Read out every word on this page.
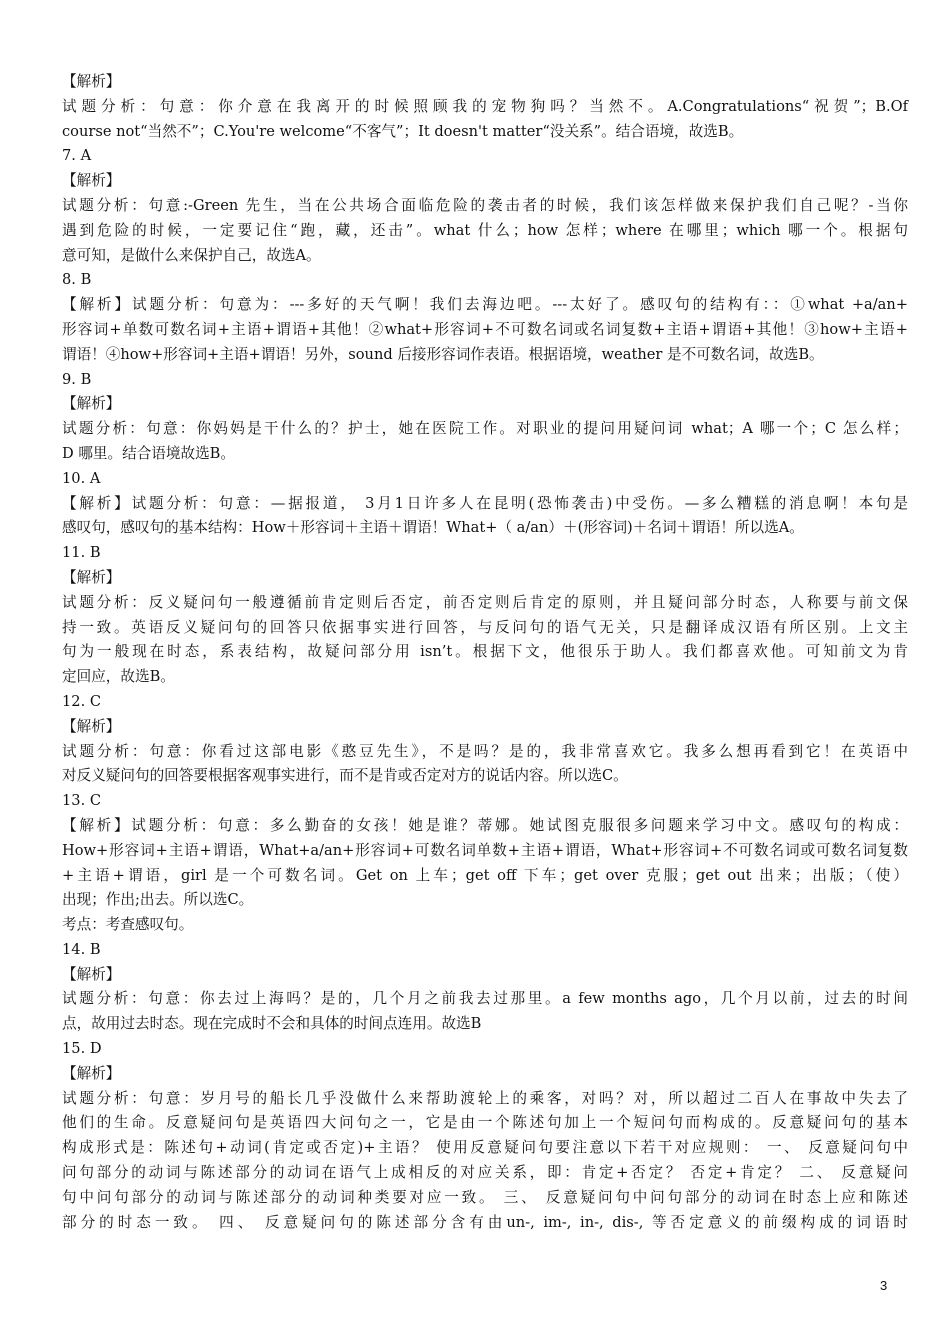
【解析】
试题分析：句意：你介意在我离开的时候照顾我的宠物狗吗？当然不。A.Congratulations“祝贺”；B.Of
course not“当然不”；C.You're welcome“不客气”；It doesn't matter“没关系”。结合语境，故选B。
7. A
【解析】
试题分析：句意:-Green 先生，当在公共场合面临危险的袭击者的时候，我们该怎样做来保护我们自己呢？-当你
遇到危险的时候，一定要记住“跑，藏，还击”。what 什么；how 怎样；where 在哪里；which 哪一个。根据句
意可知，是做什么来保护自己，故选A。
8. B
【解析】试题分析：句意为：---多好的天气啊！我们去海边吧。---太好了。感叹句的结构有：：①what +a/an+
形容词+单数可数名词+主语+谓语+其他！②what+形容词+不可数名词或名词复数+主语+谓语+其他！③how+主语+
谓语！④how+形容词+主语+谓语！另外，sound 后接形容词作表语。根据语境，weather 是不可数名词，故选B。
9. B
【解析】
试题分析：句意：你妈妈是干什么的？护士，她在医院工作。对职业的提问用疑问词 what；A 哪一个；C 怎么样；
D 哪里。结合语境故选B。
10. A
【解析】试题分析：句意：—据报道， 3月1日许多人在昆明(恐怖袭击)中受伤。—多么糟糕的消息啊！本句是
感叹句，感叹句的基本结构：How＋形容词＋主语＋谓语！What+（ a/an）＋(形容词)＋名词＋谓语！所以选A。
11. B
【解析】
试题分析：反义疑问句一般遵循前肯定则后否定，前否定则后肯定的原则，并且疑问部分时态，人称要与前文保
持一致。英语反义疑问句的回答只依据事实进行回答，与反问句的语气无关，只是翻译成汉语有所区别。上文主
句为一般现在时态，系表结构，故疑问部分用 isn’t。根据下文，他很乐于助人。我们都喜欢他。可知前文为肯
定回应，故选B。
12. C
【解析】
试题分析：句意：你看过这部电影《憨豆先生》，不是吗？是的，我非常喜欢它。我多么想再看到它！在英语中
对反义疑问句的回答要根据客观事实进行，而不是肯或否定对方的说话内容。所以选C。
13. C
【解析】试题分析：句意：多么勤奋的女孩！她是谁？蒂娜。她试图克服很多问题来学习中文。感叹句的构成：
How+形容词+主语+谓语，What+a/an+形容词+可数名词单数+主语+谓语，What+形容词+不可数名词或可数名词复数
+主语+谓语，girl 是一个可数名词。Get on 上车；get off 下车；get over 克服；get out 出来；出版；（使）
出现；作出;出去。所以选C。
考点：考查感叹句。
14. B
【解析】
试题分析：句意：你去过上海吗？是的，几个月之前我去过那里。a few months ago，几个月以前，过去的时间
点，故用过去时态。现在完成时不会和具体的时间点连用。故选B
15. D
【解析】
试题分析：句意：岁月号的船长几乎没做什么来帮助渡轮上的乘客，对吗？对，所以超过二百人在事故中失去了
他们的生命。反意疑问句是英语四大问句之一，它是由一个陈述句加上一个短问句而构成的。反意疑问句的基本
构成形式是：陈述句+动词(肯定或否定)+主语？ 使用反意疑问句要注意以下若干对应规则： 一、 反意疑问句中
问句部分的动词与陈述部分的动词在语气上成相反的对应关系，即：肯定+否定？ 否定+肯定？ 二、 反意疑问
句中问句部分的动词与陈述部分的动词种类要对应一致。 三、 反意疑问句中问句部分的动词在时态上应和陈述
部分的时态一致。 四、 反意疑问句的陈述部分含有由un-, im-, in-, dis-, 等否定意义的前缀构成的词语时
3
